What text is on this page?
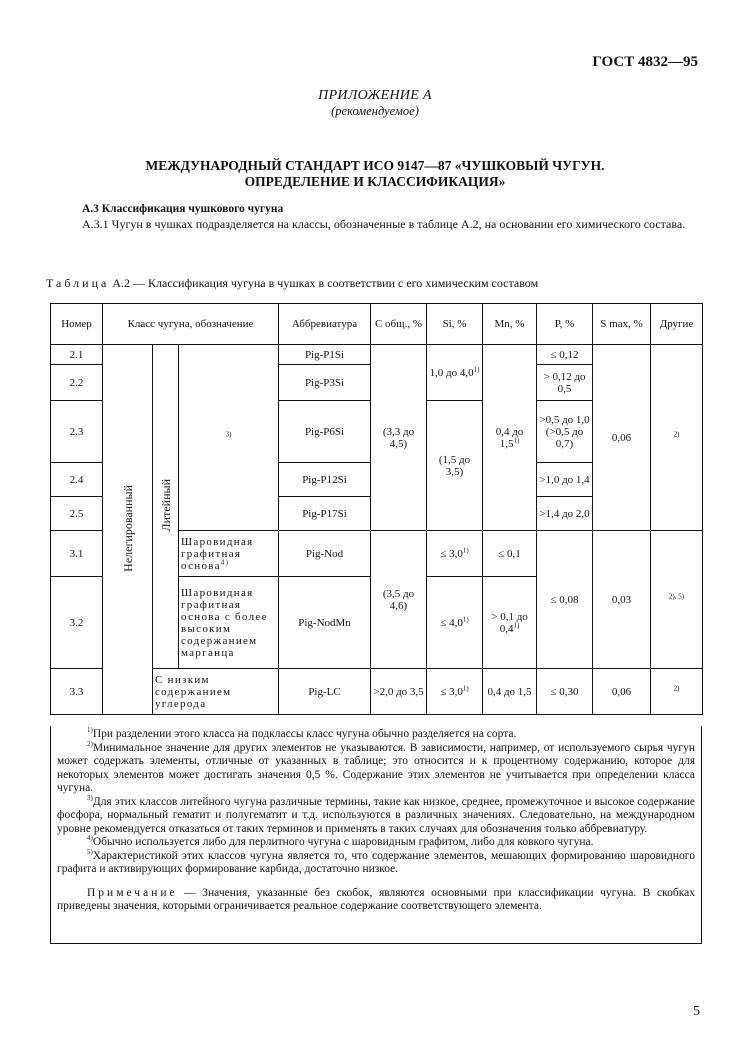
ГОСТ 4832—95
ПРИЛОЖЕНИЕ А
(рекомендуемое)
МЕЖДУНАРОДНЫЙ СТАНДАРТ ИСО 9147—87 «ЧУШКОВЫЙ ЧУГУН.
ОПРЕДЕЛЕНИЕ И КЛАССИФИКАЦИЯ»
А.3 Классификация чушкового чугуна
А.3.1 Чугун в чушках подразделяется на классы, обозначенные в таблице А.2, на основании его химического состава.
Таблица А.2 — Классификация чугуна в чушках в соответствии с его химическим составом
Номер	Класс чугуна, обозначение			Аббревиатура	С общ., %	Si, %	Mn, %	P, %	S max, %	Другие
2.1	Нелегированный	Литейный	$^{3)}$	Pig-P1Si	(3,3 до 4,5)	1,0 до 4,0$^{1)}$	0,4 до $1,5^{1)}$	≤ 0,12	0,06	$^{2)}$
2.2				Pig-P3Si				> 0,12 до 0,5		
2.3				Pig-P6Si		(1,5 до 3,5)		>0,5 до 1,0 (>0,5 до 0,7)		
2.4				Pig-P12Si				>1,0 до 1,4		
2.5				Pig-P17Si				>1,4 до 2,0		
3.1			Шаровидная графитная основа$^{4)}$	Pig-Nod	(3,5 до 4,6)	≤ $3,0^{1)}$	≤ 0,1	≤ 0,08	0,03	$^{2), 5)}$
3.2			Шаровидная графитная основа с более высоким содержанием марганца	Pig-NodMn		≤ $4,0^{1)}$	> 0,1 до 0,4$^{1)}$
3.3		С низким содержанием углерода		Pig-LC	>2,0 до 3,5	≤ $3,0^{1)}$	0,4 до 1,5	≤ 0,30	0,06	$^{2)}$

$^{1)}$При разделении этого класса на подклассы класс чугуна обычно разделяется на сорта.

$^{2)}$Минимальное значение для других элементов не указываются. В зависимости, например, от используемого сырья чугун может содержать элементы, отличные от указанных в таблице; это относится и к процентному содержанию, которое для некоторых элементов может достигать значения 0,5 %. Содержание этих элементов не учитывается при определении класса чугуна.

$^{3)}$Для этих классов литейного чугуна различные термины, такие как низкое, среднее, промежуточное и высокое содержание фосфора, нормальный гематит и полугематит и т.д. используются в различных значениях. Следовательно, на международном уровне рекомендуется отказаться от таких терминов и применять в таких случаях для обозначения только аббревиатуру.

$^{4)}$Обычно используется либо для перлитного чугуна с шаровидным графитом, либо для ковкого чугуна.

$^{5)}$Характеристикой этих классов чугуна является то, что содержание элементов, мешающих формированию шаровидного графита и активирующих формирование карбида, достаточно низкое.

Примечание — Значения, указанные без скобок, являются основными при классификации чугуна. В скобках приведены значения, которыми ограничивается реальное содержание соответствующего элемента.

5
